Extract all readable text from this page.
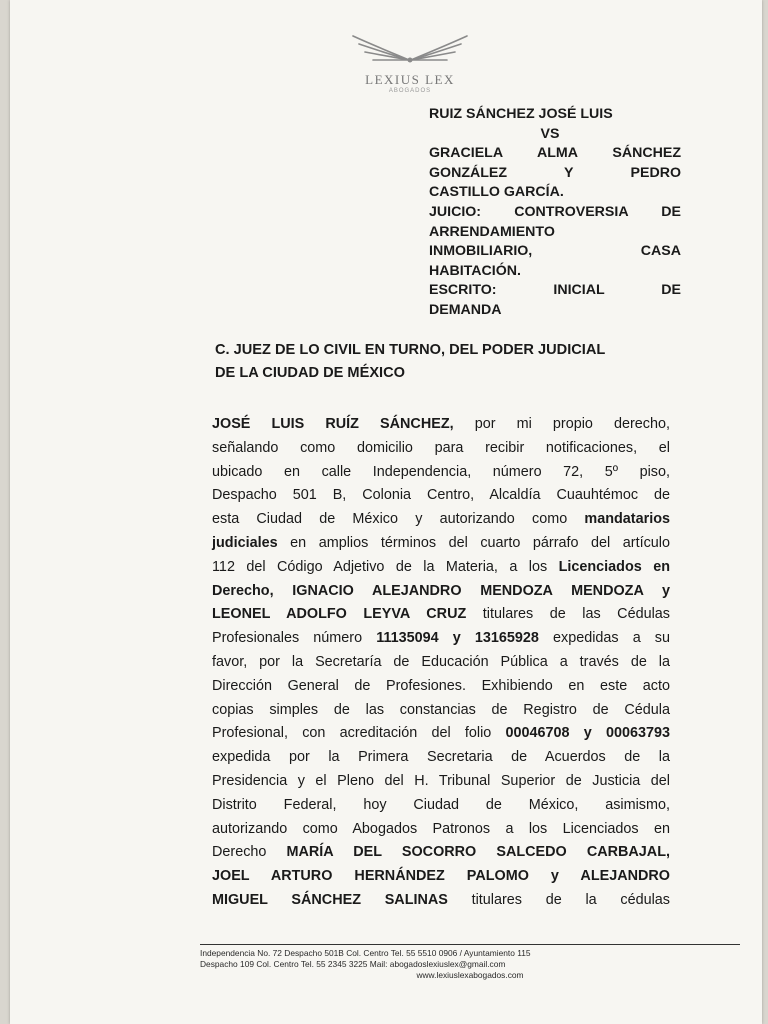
LEXIUS LEX
ABOGADOS
RUIZ SÁNCHEZ JOSÉ LUIS
VS
GRACIELA ALMA SÁNCHEZ
GONZÁLEZ Y PEDRO
CASTILLO GARCÍA.
JUICIO: CONTROVERSIA DE
ARRENDAMIENTO
INMOBILIARIO, CASA
HABITACIÓN.
ESCRITO: INICIAL DE
DEMANDA
C. JUEZ DE LO CIVIL EN TURNO, DEL PODER JUDICIAL
DE LA CIUDAD DE MÉXICO
JOSÉ LUIS RUÍZ SÁNCHEZ, por mi propio derecho,
señalando como domicilio para recibir notificaciones, el
ubicado en calle Independencia, número 72, 5º piso,
Despacho 501 B, Colonia Centro, Alcaldía Cuauhtémoc de
esta Ciudad de México y autorizando como mandatarios
judiciales en amplios términos del cuarto párrafo del artículo
112 del Código Adjetivo de la Materia, a los Licenciados en
Derecho, IGNACIO ALEJANDRO MENDOZA MENDOZA y
LEONEL ADOLFO LEYVA CRUZ titulares de las Cédulas
Profesionales número 11135094 y 13165928 expedidas a su
favor, por la Secretaría de Educación Pública a través de la
Dirección General de Profesiones. Exhibiendo en este acto
copias simples de las constancias de Registro de Cédula
Profesional, con acreditación del folio 00046708 y 00063793
expedida por la Primera Secretaria de Acuerdos de la
Presidencia y el Pleno del H. Tribunal Superior de Justicia del
Distrito Federal, hoy Ciudad de México, asimismo,
autorizando como Abogados Patronos a los Licenciados en
Derecho MARÍA DEL SOCORRO SALCEDO CARBAJAL,
JOEL ARTURO HERNÁNDEZ PALOMO y ALEJANDRO
MIGUEL SÁNCHEZ SALINAS titulares de la cédulas
Independencia No. 72 Despacho 501B Col. Centro Tel. 55 5510 0906 / Ayuntamiento 115
Despacho 109 Col. Centro Tel. 55 2345 3225 Mail: abogadoslexiuslex@gmail.com
www.lexiuslexabogados.com
